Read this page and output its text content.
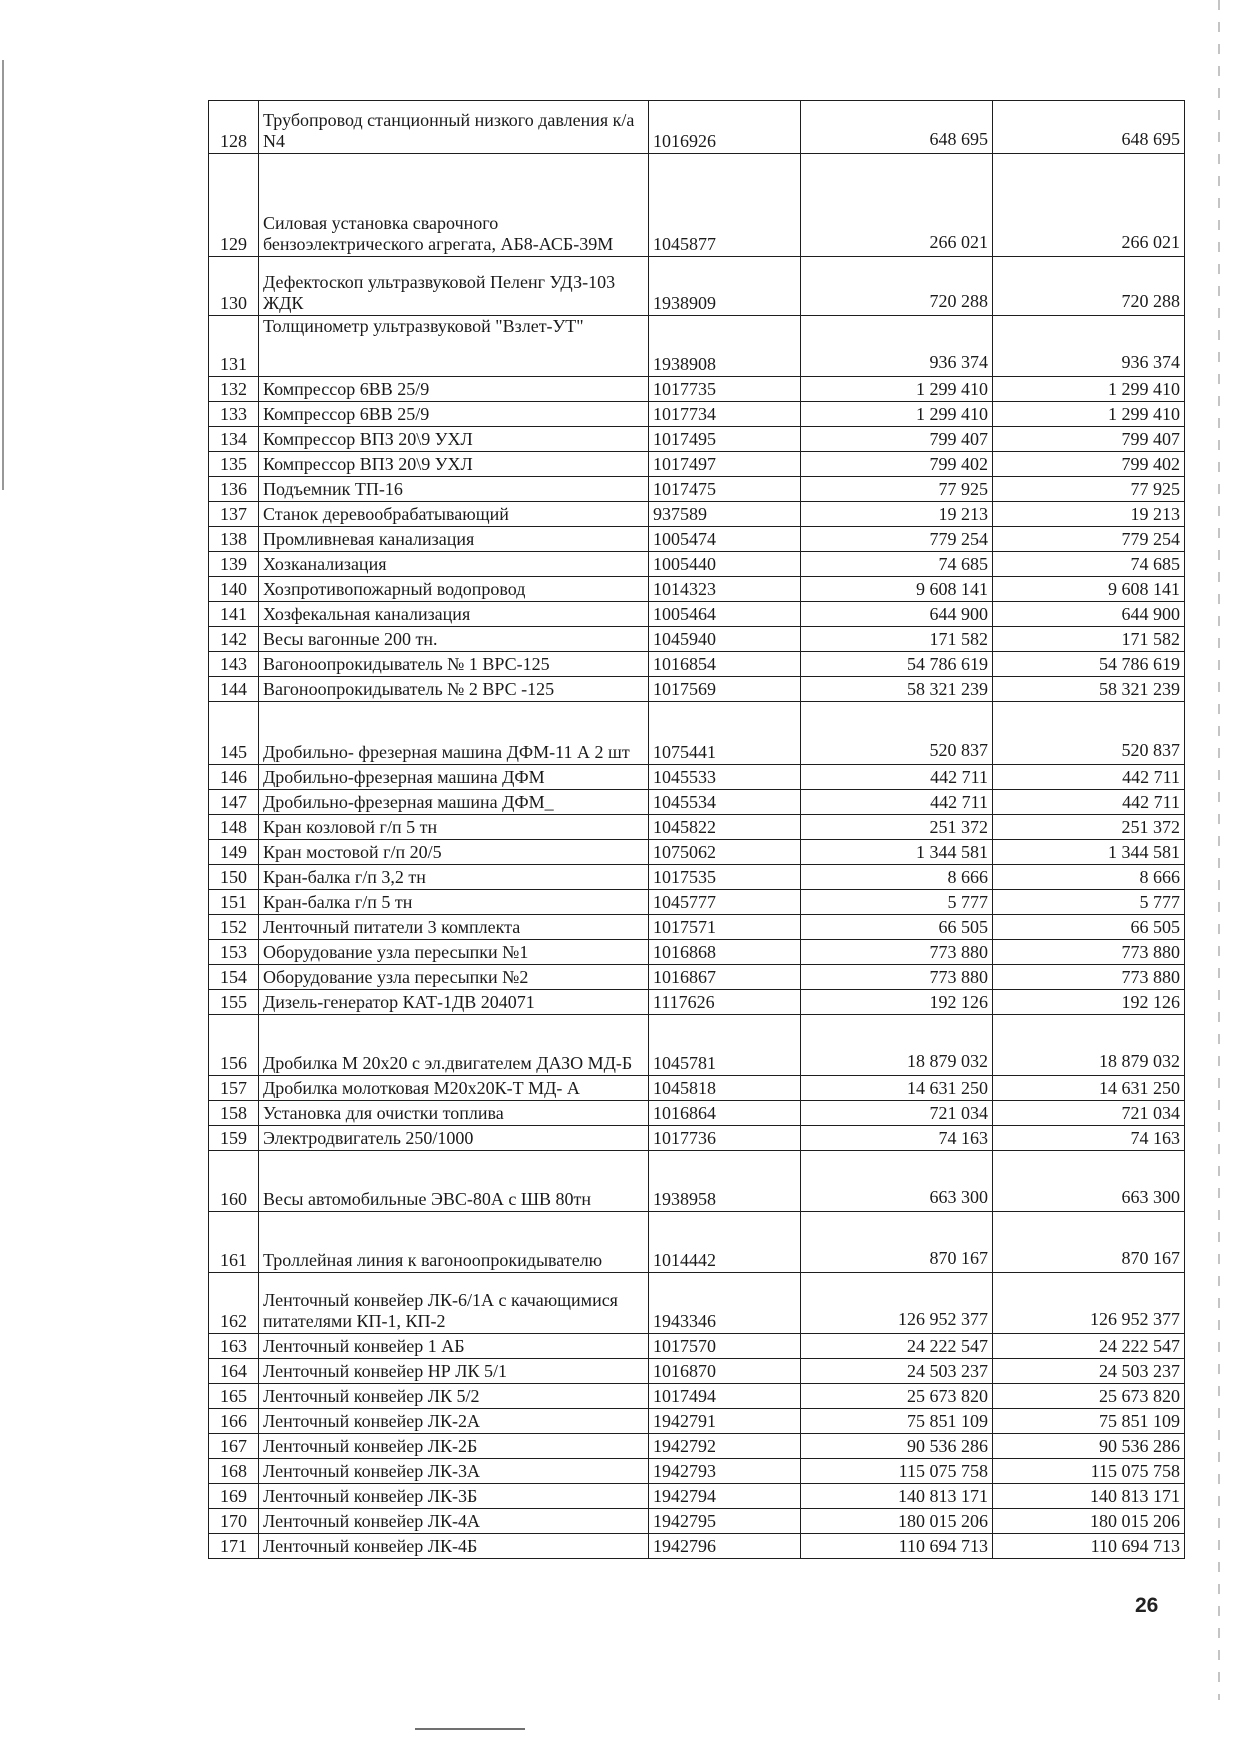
128	Трубопровод станционный низкого давления к/а N4	1016926	648 695	648 695
129	Силовая установка сварочного бензоэлектрического агрегата, АБ8-АСБ-39М	1045877	266 021	266 021
130	Дефектоскоп ультразвуковой Пеленг УДЗ-103 ЖДК	1938909	720 288	720 288
131	Толщинометр ультразвуковой "Взлет-УТ"	1938908	936 374	936 374
132	Компрессор 6ВВ 25/9	1017735	1 299 410	1 299 410
133	Компрессор 6ВВ 25/9	1017734	1 299 410	1 299 410
134	Компрессор ВПЗ 20\9 УХЛ	1017495	799 407	799 407
135	Компрессор ВПЗ 20\9 УХЛ	1017497	799 402	799 402
136	Подъемник ТП-16	1017475	77 925	77 925
137	Станок деревообрабатывающий	937589	19 213	19 213
138	Промливневая канализация	1005474	779 254	779 254
139	Хозканализация	1005440	74 685	74 685
140	Хозпротивопожарный водопровод	1014323	9 608 141	9 608 141
141	Хозфекальная канализация	1005464	644 900	644 900
142	Весы вагонные 200 тн.	1045940	171 582	171 582
143	Вагоноопрокидыватель № 1 ВРС-125	1016854	54 786 619	54 786 619
144	Вагоноопрокидыватель № 2 ВРС -125	1017569	58 321 239	58 321 239
145	Дробильно- фрезерная машина ДФМ-11 А 2 шт	1075441	520 837	520 837
146	Дробильно-фрезерная машина ДФМ	1045533	442 711	442 711
147	Дробильно-фрезерная машина ДФМ_	1045534	442 711	442 711
148	Кран козловой г/п 5 тн	1045822	251 372	251 372
149	Кран мостовой г/п 20/5	1075062	1 344 581	1 344 581
150	Кран-балка г/п 3,2 тн	1017535	8 666	8 666
151	Кран-балка г/п 5 тн	1045777	5 777	5 777
152	Ленточный питатели 3 комплекта	1017571	66 505	66 505
153	Оборудование узла пересыпки №1	1016868	773 880	773 880
154	Оборудование узла пересыпки №2	1016867	773 880	773 880
155	Дизель-генератор КАТ-1ДВ 204071	1117626	192 126	192 126
156	Дробилка М 20х20 с эл.двигателем ДАЗО МД-Б	1045781	18 879 032	18 879 032
157	Дробилка молотковая М20х20К-Т МД- А	1045818	14 631 250	14 631 250
158	Установка для очистки топлива	1016864	721 034	721 034
159	Электродвигатель 250/1000	1017736	74 163	74 163
160	Весы автомобильные ЭВС-80А с ШВ 80тн	1938958	663 300	663 300
161	Троллейная линия к вагоноопрокидывателю	1014442	870 167	870 167
162	Ленточный конвейер ЛК-6/1А с качающимися питателями КП-1, КП-2	1943346	126 952 377	126 952 377
163	Ленточный конвейер 1 АБ	1017570	24 222 547	24 222 547
164	Ленточный конвейер НР ЛК 5/1	1016870	24 503 237	24 503 237
165	Ленточный конвейер ЛК 5/2	1017494	25 673 820	25 673 820
166	Ленточный конвейер ЛК-2А	1942791	75 851 109	75 851 109
167	Ленточный конвейер ЛК-2Б	1942792	90 536 286	90 536 286
168	Ленточный конвейер ЛК-3А	1942793	115 075 758	115 075 758
169	Ленточный конвейер ЛК-3Б	1942794	140 813 171	140 813 171
170	Ленточный конвейер ЛК-4А	1942795	180 015 206	180 015 206
171	Ленточный конвейер ЛК-4Б	1942796	110 694 713	110 694 713
26
